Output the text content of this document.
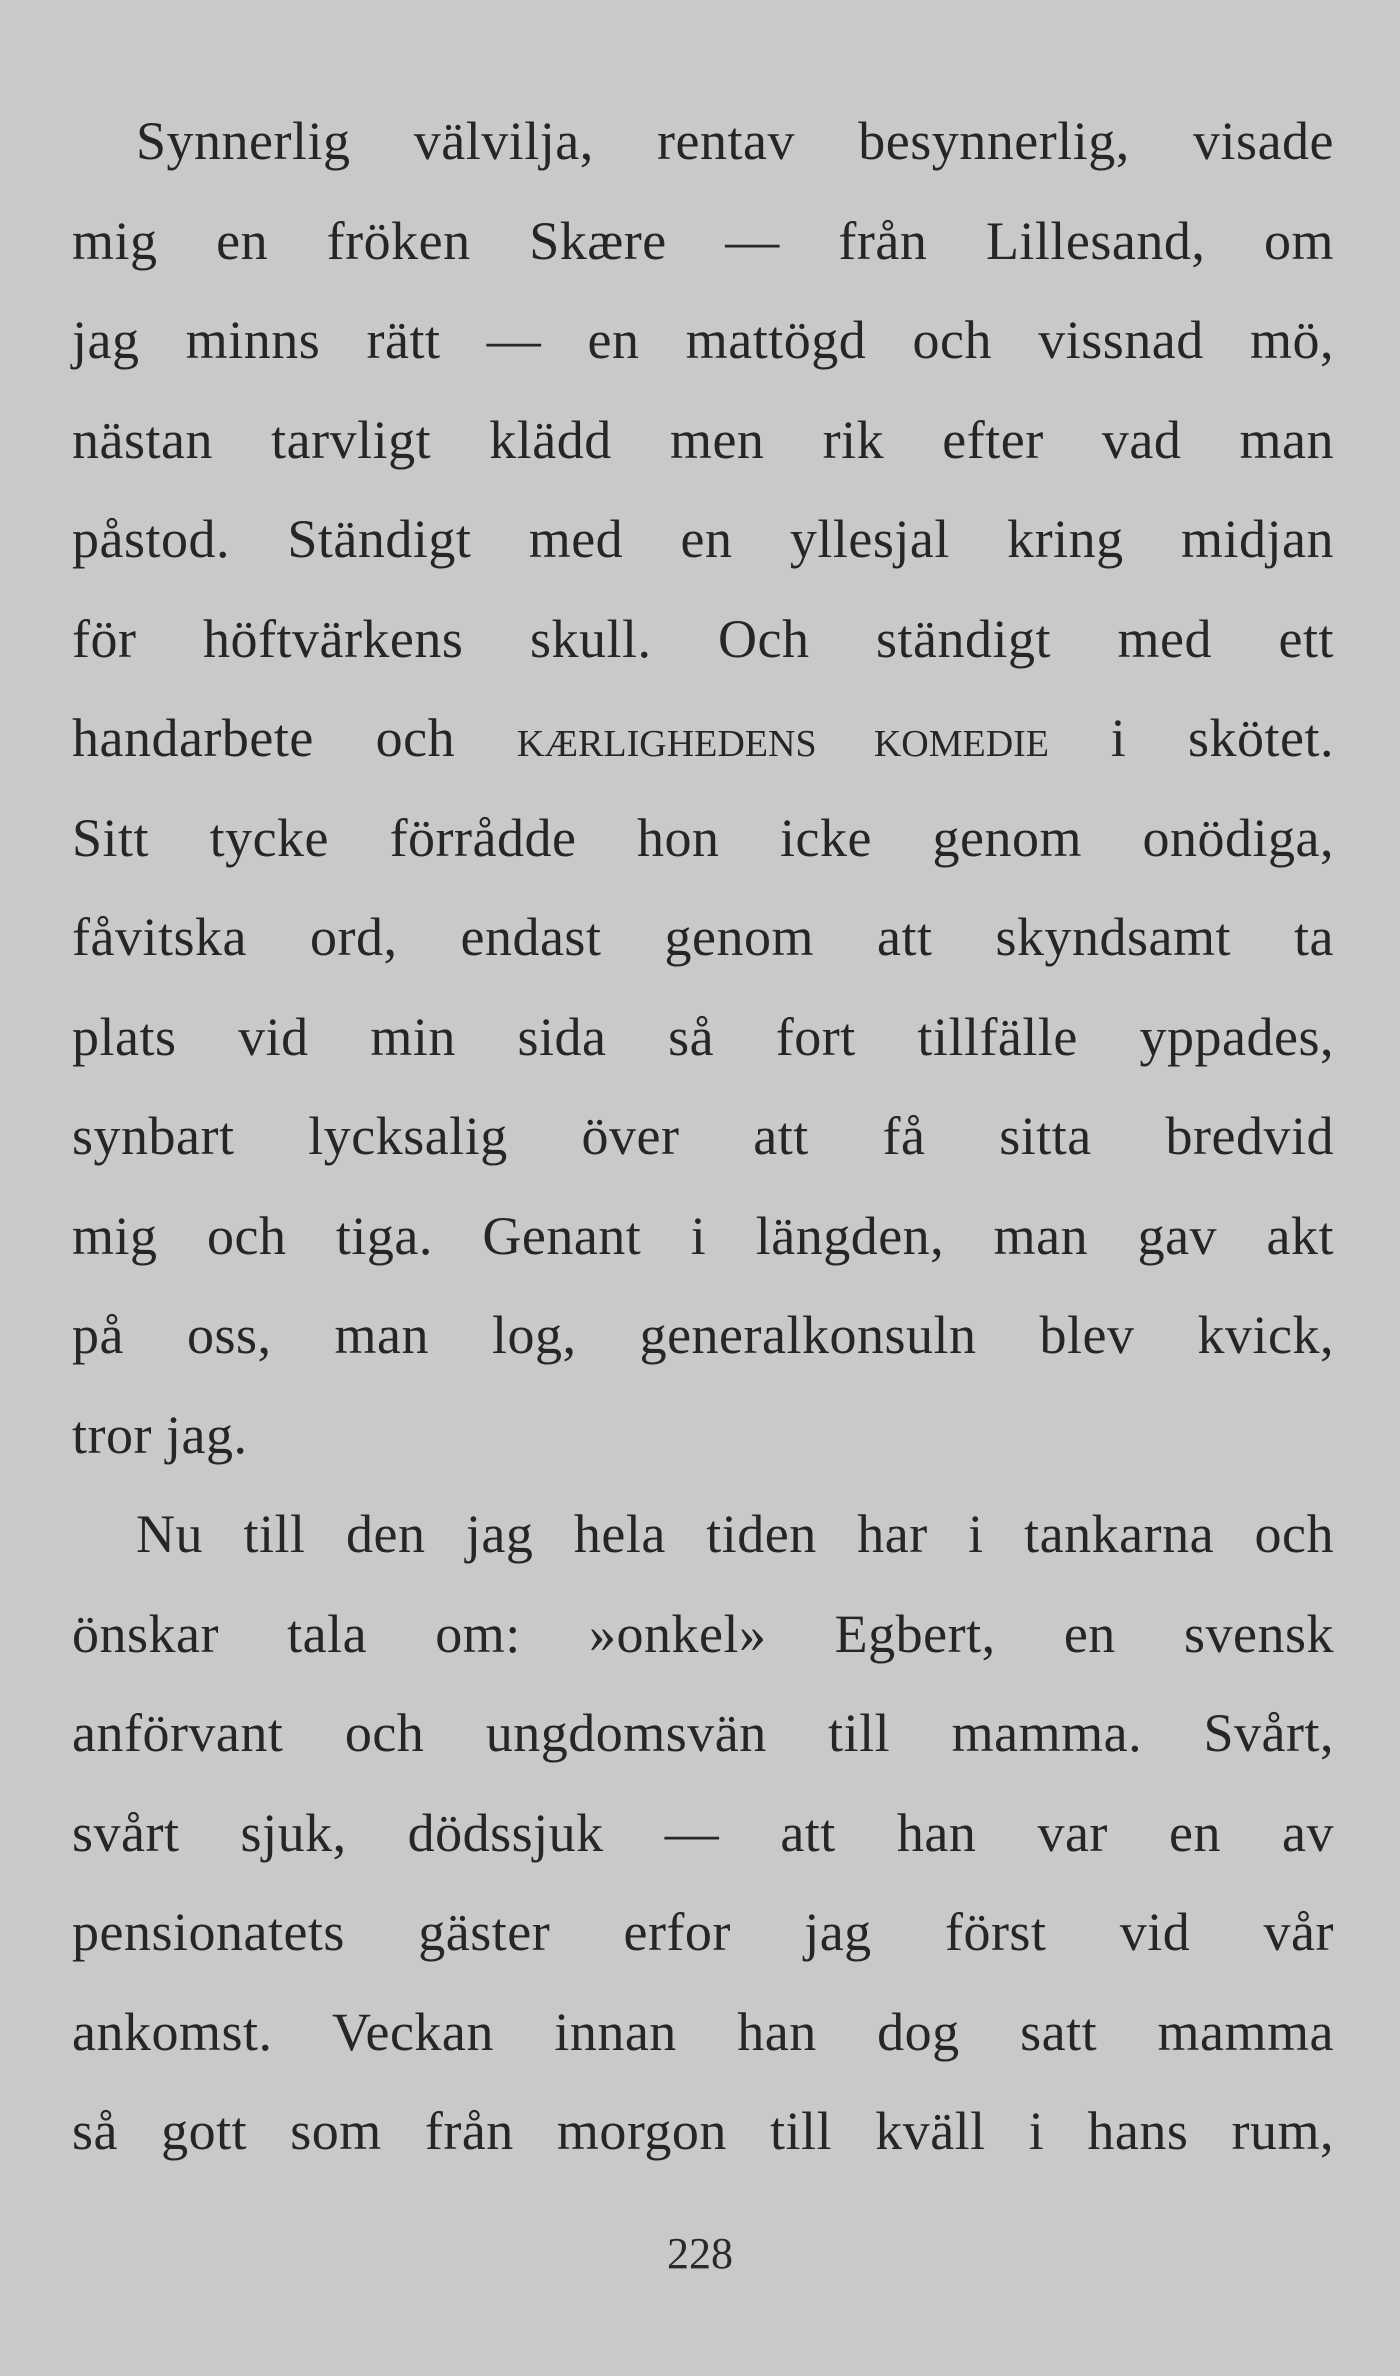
Synnerlig välvilja, rentav besynnerlig, visade
mig en fröken Skære — från Lillesand, om
jag minns rätt — en mattögd och vissnad mö,
nästan tarvligt klädd men rik efter vad man
påstod. Ständigt med en yllesjal kring midjan
för höftvärkens skull. Och ständigt med ett
handarbete och KÆRLIGHEDENS KOMEDIE i skötet.
Sitt tycke förrådde hon icke genom onödiga,
fåvitska ord, endast genom att skyndsamt ta
plats vid min sida så fort tillfälle yppades,
synbart lycksalig över att få sitta bredvid
mig och tiga. Genant i längden, man gav akt
på oss, man log, generalkonsuln blev kvick,
tror jag.
Nu till den jag hela tiden har i tankarna och
önskar tala om: »onkel» Egbert, en svensk
anförvant och ungdomsvän till mamma. Svårt,
svårt sjuk, dödssjuk — att han var en av
pensionatets gäster erfor jag först vid vår
ankomst. Veckan innan han dog satt mamma
så gott som från morgon till kväll i hans rum,
228
